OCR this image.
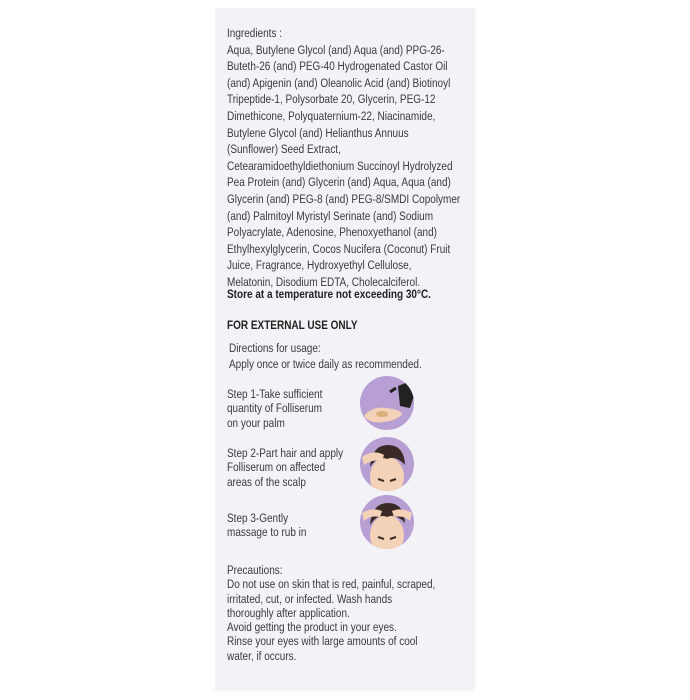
Ingredients :
Aqua, Butylene Glycol (and) Aqua (and) PPG-26-
Buteth-26 (and) PEG-40 Hydrogenated Castor Oil
(and) Apigenin (and) Oleanolic Acid (and) Biotinoyl
Tripeptide-1, Polysorbate 20, Glycerin, PEG-12
Dimethicone, Polyquaternium-22, Niacinamide,
Butylene Glycol (and) Helianthus Annuus
(Sunflower) Seed Extract,
Cetearamidoethyldiethonium Succinoyl Hydrolyzed
Pea Protein (and) Glycerin (and) Aqua, Aqua (and)
Glycerin (and) PEG-8 (and) PEG-8/SMDI Copolymer
(and) Palmitoyl Myristyl Serinate (and) Sodium
Polyacrylate, Adenosine, Phenoxyethanol (and)
Ethylhexylglycerin, Cocos Nucifera (Coconut) Fruit
Juice, Fragrance, Hydroxyethyl Cellulose,
Melatonin, Disodium EDTA, Cholecalciferol.
Store at a temperature not exceeding 30°C.
FOR EXTERNAL USE ONLY
Directions for usage:
Apply once or twice daily as recommended.
Step 1-Take sufficient
quantity of Folliserum
on your palm
Step 2-Part hair and apply
Folliserum on affected
areas of the scalp
Step 3-Gently
massage to rub in
Precautions:
Do not use on skin that is red, painful, scraped,
irritated, cut, or infected. Wash hands
thoroughly after application.
Avoid getting the product in your eyes.
Rinse your eyes with large amounts of cool
water, if occurs.
